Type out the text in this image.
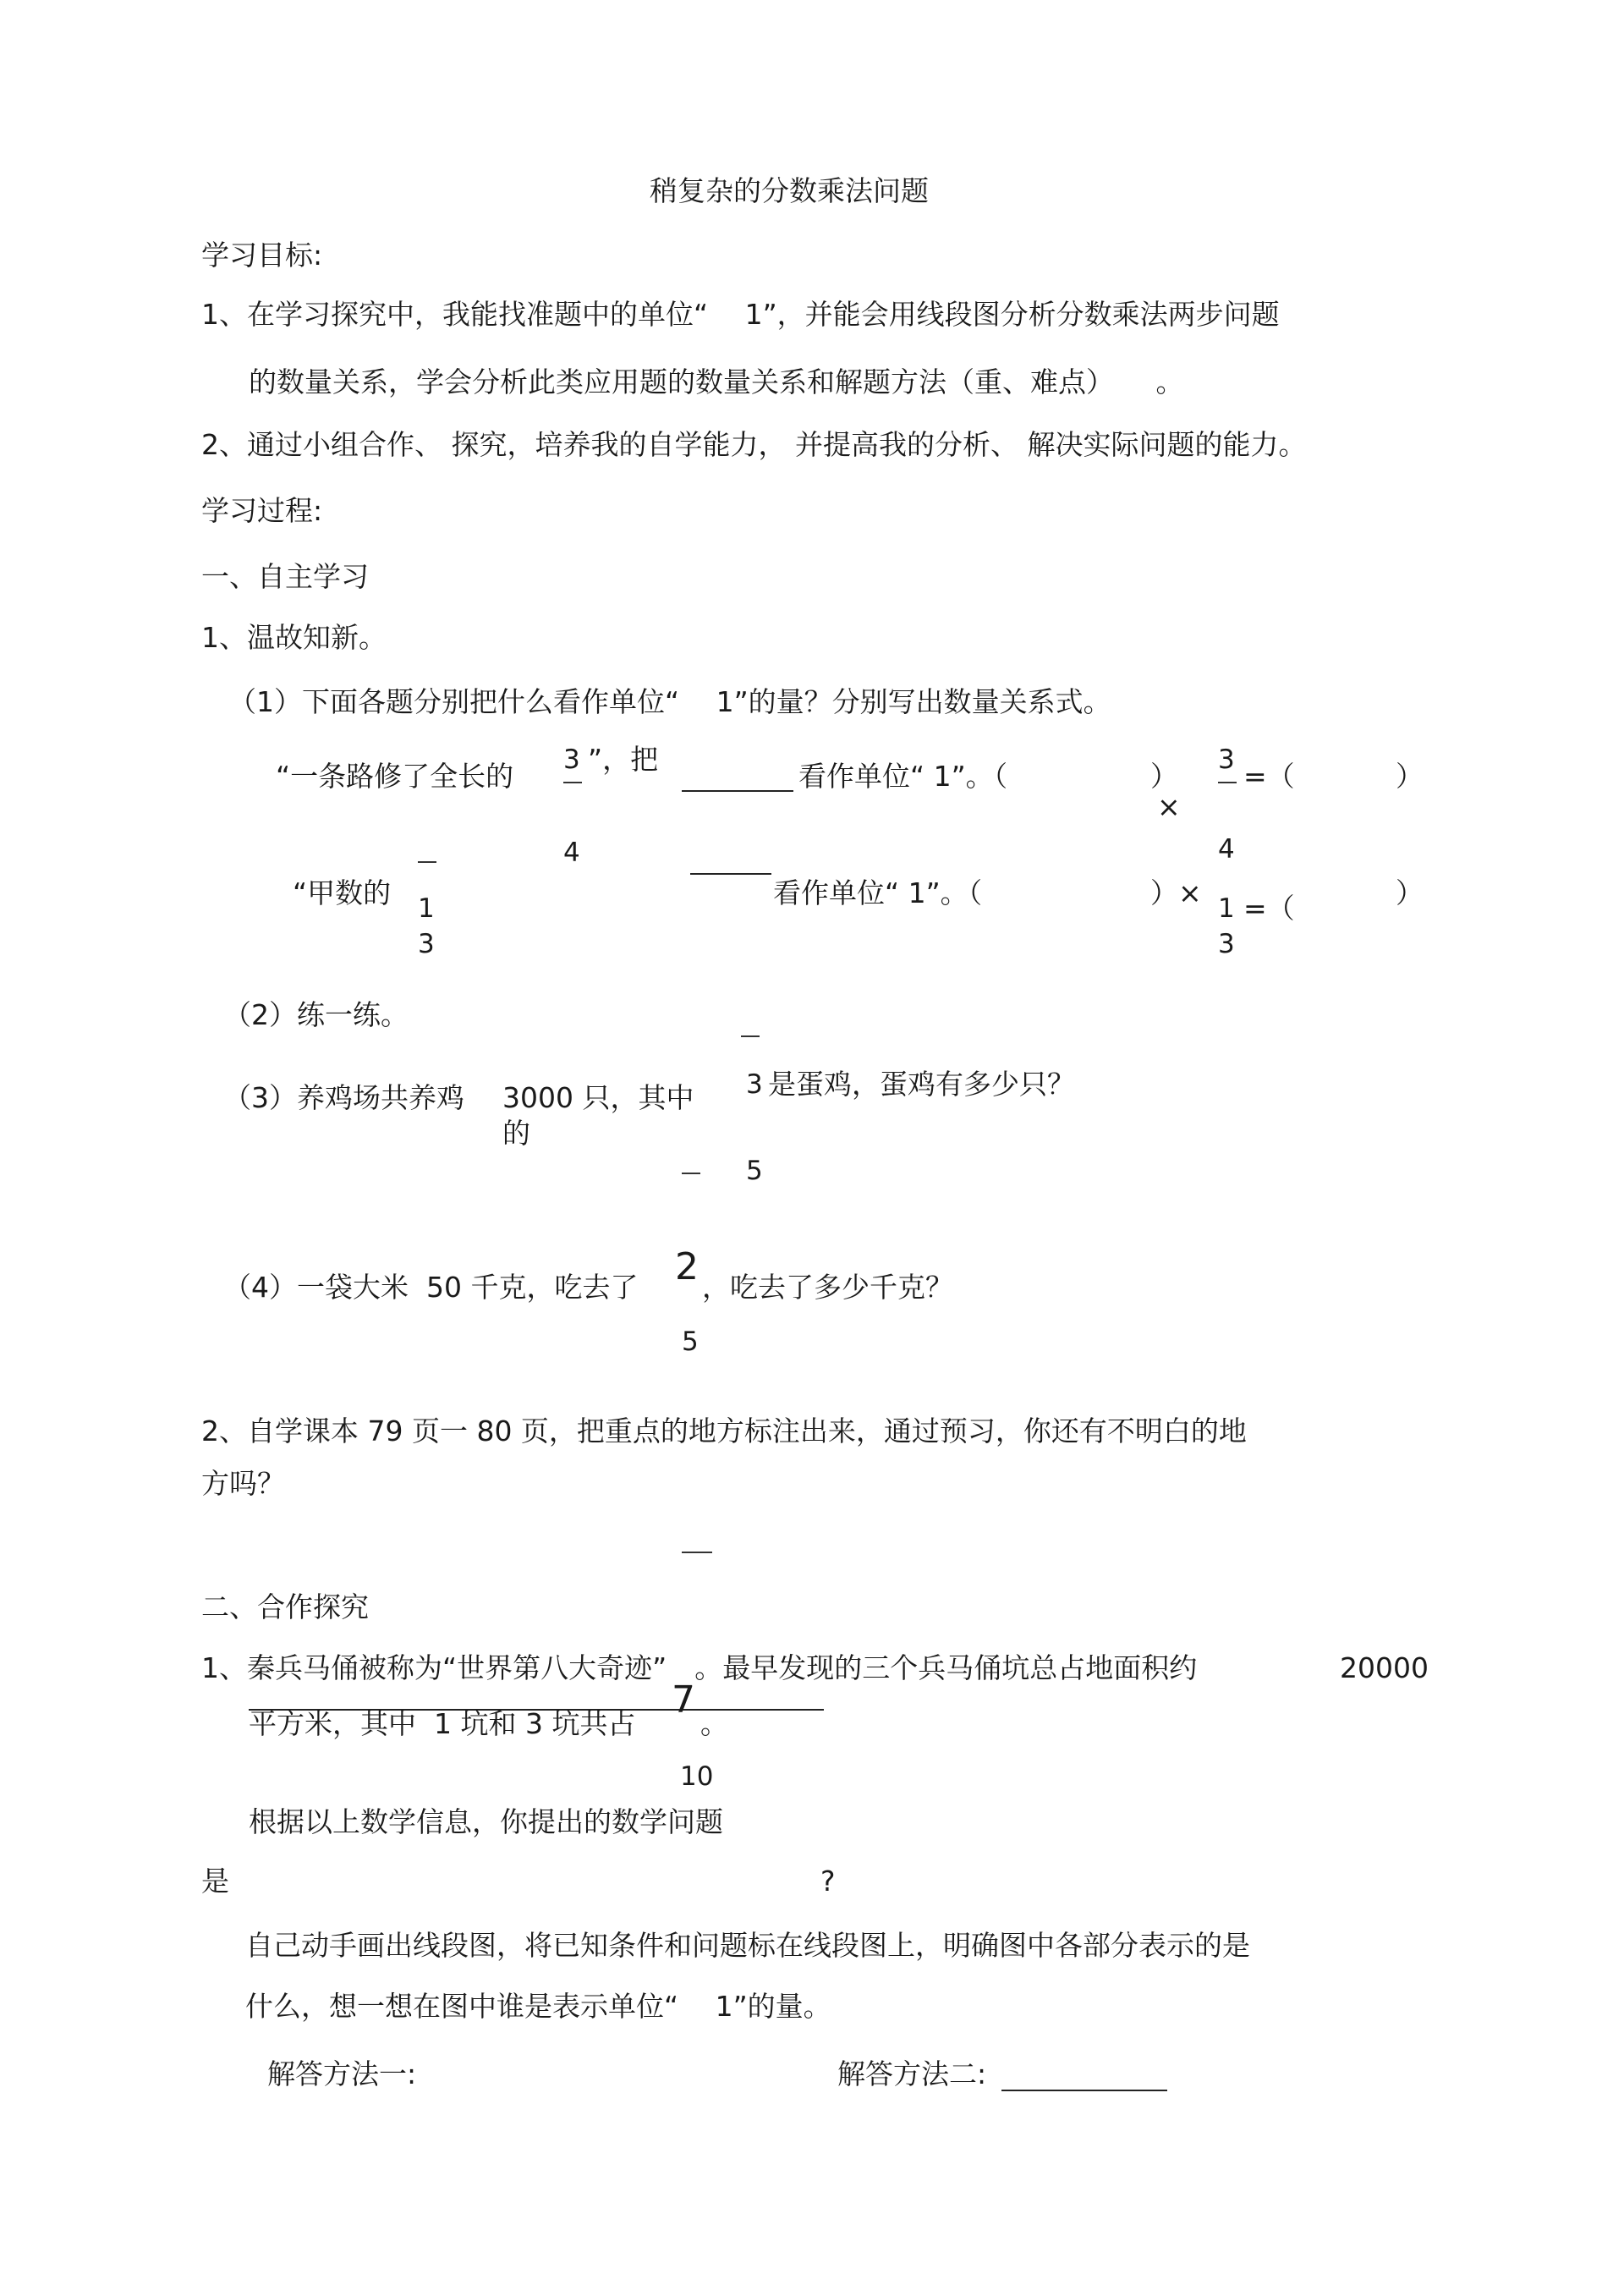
稍复杂的分数乘法问题
学习目标:
1、在学习探究中，我能找准题中的单位“　 1”，并能会用线段图分析分数乘法两步问题
的数量关系，学会分析此类应用题的数量关系和解题方法（重、难点）　　。
2、通过小组合作、 探究，培养我的自学能力， 并提高我的分析、 解决实际问题的能力。
学习过程:
一、自主学习
1、温故知新。
（1）下面各题分别把什么看作单位“　 1”的量？分别写出数量关系式。
“一条路修了全长的 3 ”，把
4
看作单位“ 1”。（	）
×
3
4
=（	）
“甲数的 1
3
看作单位“ 1”。（	）× 1
3
=（	）
（2）练一练。
（3）养鸡场共养鸡 3000 只，其中
的
3 是蛋鸡，蛋鸡有多少只？
5
（4）一袋大米  50 千克，吃去了 2 ，吃去了多少千克？
5
2、自学课本 79 页一 80 页，把重点的地方标注出来，通过预习，你还有不明白的地
方吗？
二、合作探究
1、秦兵马俑被称为“世界第八大奇迹”　。最早发现的三个兵马俑坑总占地面积约	20000
平方米，其中  1 坑和 3 坑共占
7
。
10
根据以上数学信息，你提出的数学问题
是	?
自己动手画出线段图，将已知条件和问题标在线段图上，明确图中各部分表示的是
什么，想一想在图中谁是表示单位“　 1”的量。
解答方法一:	解答方法二:
